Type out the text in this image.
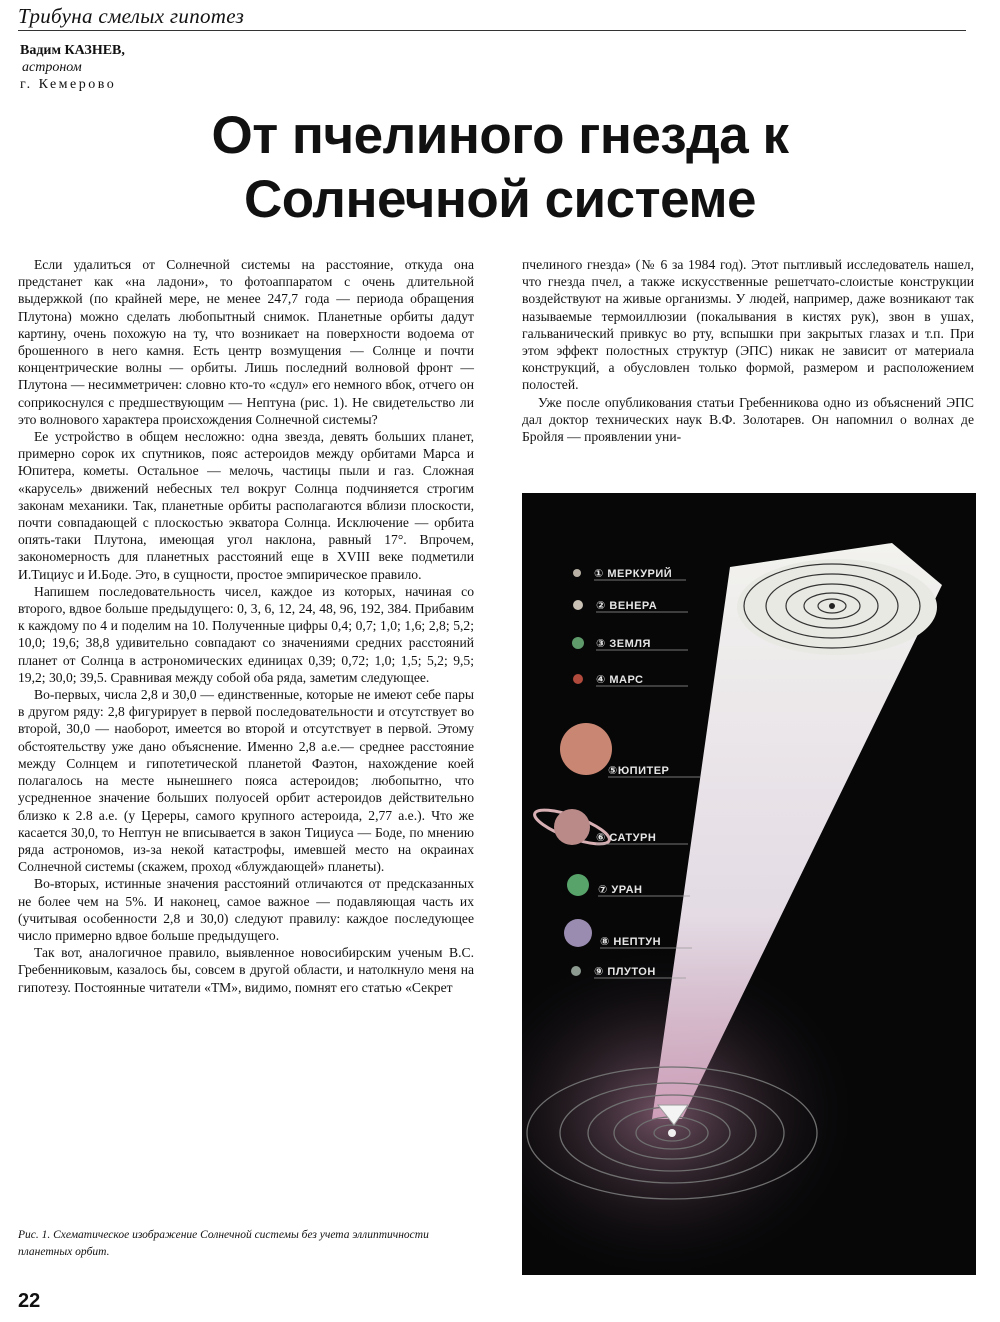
Трибуна смелых гипотез
Вадим КАЗНЕВ,
астроном
г. Кемерово
От пчелиного гнезда к
Солнечной системе

Если удалиться от Солнечной системы на расстояние, откуда она предстанет как «на ладони», то фотоаппаратом с очень длительной выдержкой (по крайней мере, не менее 247,7 года — периода обращения Плутона) можно сделать любопытный снимок. Планетные орбиты дадут картину, очень похожую на ту, что возникает на поверхности водоема от брошенного в него камня. Есть центр возмущения — Солнце и почти концентрические волны — орбиты. Лишь последний волновой фронт — Плутона — несимметричен: словно кто-то «сдул» его немного вбок, отчего он соприкоснулся с предшествующим — Нептуна (рис. 1). Не свидетельство ли это волнового характера происхождения Солнечной системы?

Ее устройство в общем несложно: одна звезда, девять больших планет, примерно сорок их спутников, пояс астероидов между орбитами Марса и Юпитера, кометы. Остальное — мелочь, частицы пыли и газ. Сложная «карусель» движений небесных тел вокруг Солнца подчиняется строгим законам механики. Так, планетные орбиты располагаются вблизи плоскости, почти совпадающей с плоскостью экватора Солнца. Исключение — орбита опять-таки Плутона, имеющая угол наклона, равный 17°. Впрочем, закономерность для планетных расстояний еще в XVIII веке подметили И.Тициус и И.Боде. Это, в сущности, простое эмпирическое правило.

Напишем последовательность чисел, каждое из которых, начиная со второго, вдвое больше предыдущего: 0, 3, 6, 12, 24, 48, 96, 192, 384. Прибавим к каждому по 4 и поделим на 10. Полученные цифры 0,4; 0,7; 1,0; 1,6; 2,8; 5,2; 10,0; 19,6; 38,8 удивительно совпадают со значениями средних расстояний планет от Солнца в астрономических единицах 0,39; 0,72; 1,0; 1,5; 5,2; 9,5; 19,2; 30,0; 39,5. Сравнивая между собой оба ряда, заметим следующее.

Во-первых, числа 2,8 и 30,0 — единственные, которые не имеют себе пары в другом ряду: 2,8 фигурирует в первой последовательности и отсутствует во второй, 30,0 — наоборот, имеется во второй и отсутствует в первой. Этому обстоятельству уже дано объяснение. Именно 2,8 а.е.— среднее расстояние между Солнцем и гипотетической планетой Фаэтон, нахождение коей полагалось на месте нынешнего пояса астероидов; любопытно, что усредненное значение больших полуосей орбит астероидов действительно близко к 2.8 а.е. (у Цереры, самого крупного астероида, 2,77 а.е.). Что же касается 30,0, то Нептун не вписывается в закон Тициуса — Боде, по мнению ряда астрономов, из-за некой катастрофы, имевшей место на окраинах Солнечной системы (скажем, проход «блуждающей» планеты).

Во-вторых, истинные значения расстояний отличаются от предсказанных не более чем на 5%. И наконец, самое важное — подавляющая часть их (учитывая особенности 2,8 и 30,0) следуют правилу: каждое последующее число примерно вдвое больше предыдущего.

Так вот, аналогичное правило, выявленное новосибирским ученым В.С. Гребенниковым, казалось бы, совсем в другой области, и натолкнуло меня на гипотезу. Постоянные читатели «ТМ», видимо, помнят его статью «Секрет

пчелиного гнезда» (№ 6 за 1984 год). Этот пытливый исследователь нашел, что гнезда пчел, а также искусственные решетчато-слоистые конструкции воздействуют на живые организмы. У людей, например, даже возникают так называемые термоиллюзии (покалывания в кистях рук), звон в ушах, гальванический привкус во рту, вспышки при закрытых глазах и т.п. При этом эффект полостных структур (ЭПС) никак не зависит от материала конструкций, а обусловлен только формой, размером и расположением полостей.

Уже после опубликования статьи Гребенникова одно из объяснений ЭПС дал доктор технических наук В.Ф. Золотарев. Он напомнил о волнах де Бройля — проявлении уни-

① МЕРКУРИЙ
② ВЕНЕРА
③ ЗЕМЛЯ
④ МАРС
⑤ЮПИТЕР
⑥ САТУРН
⑦ УРАН
⑧ НЕПТУН
⑨ ПЛУТОН
Рис. 1. Схематическое изображение Солнечной системы без учета эллиптичности планетных орбит.
22
